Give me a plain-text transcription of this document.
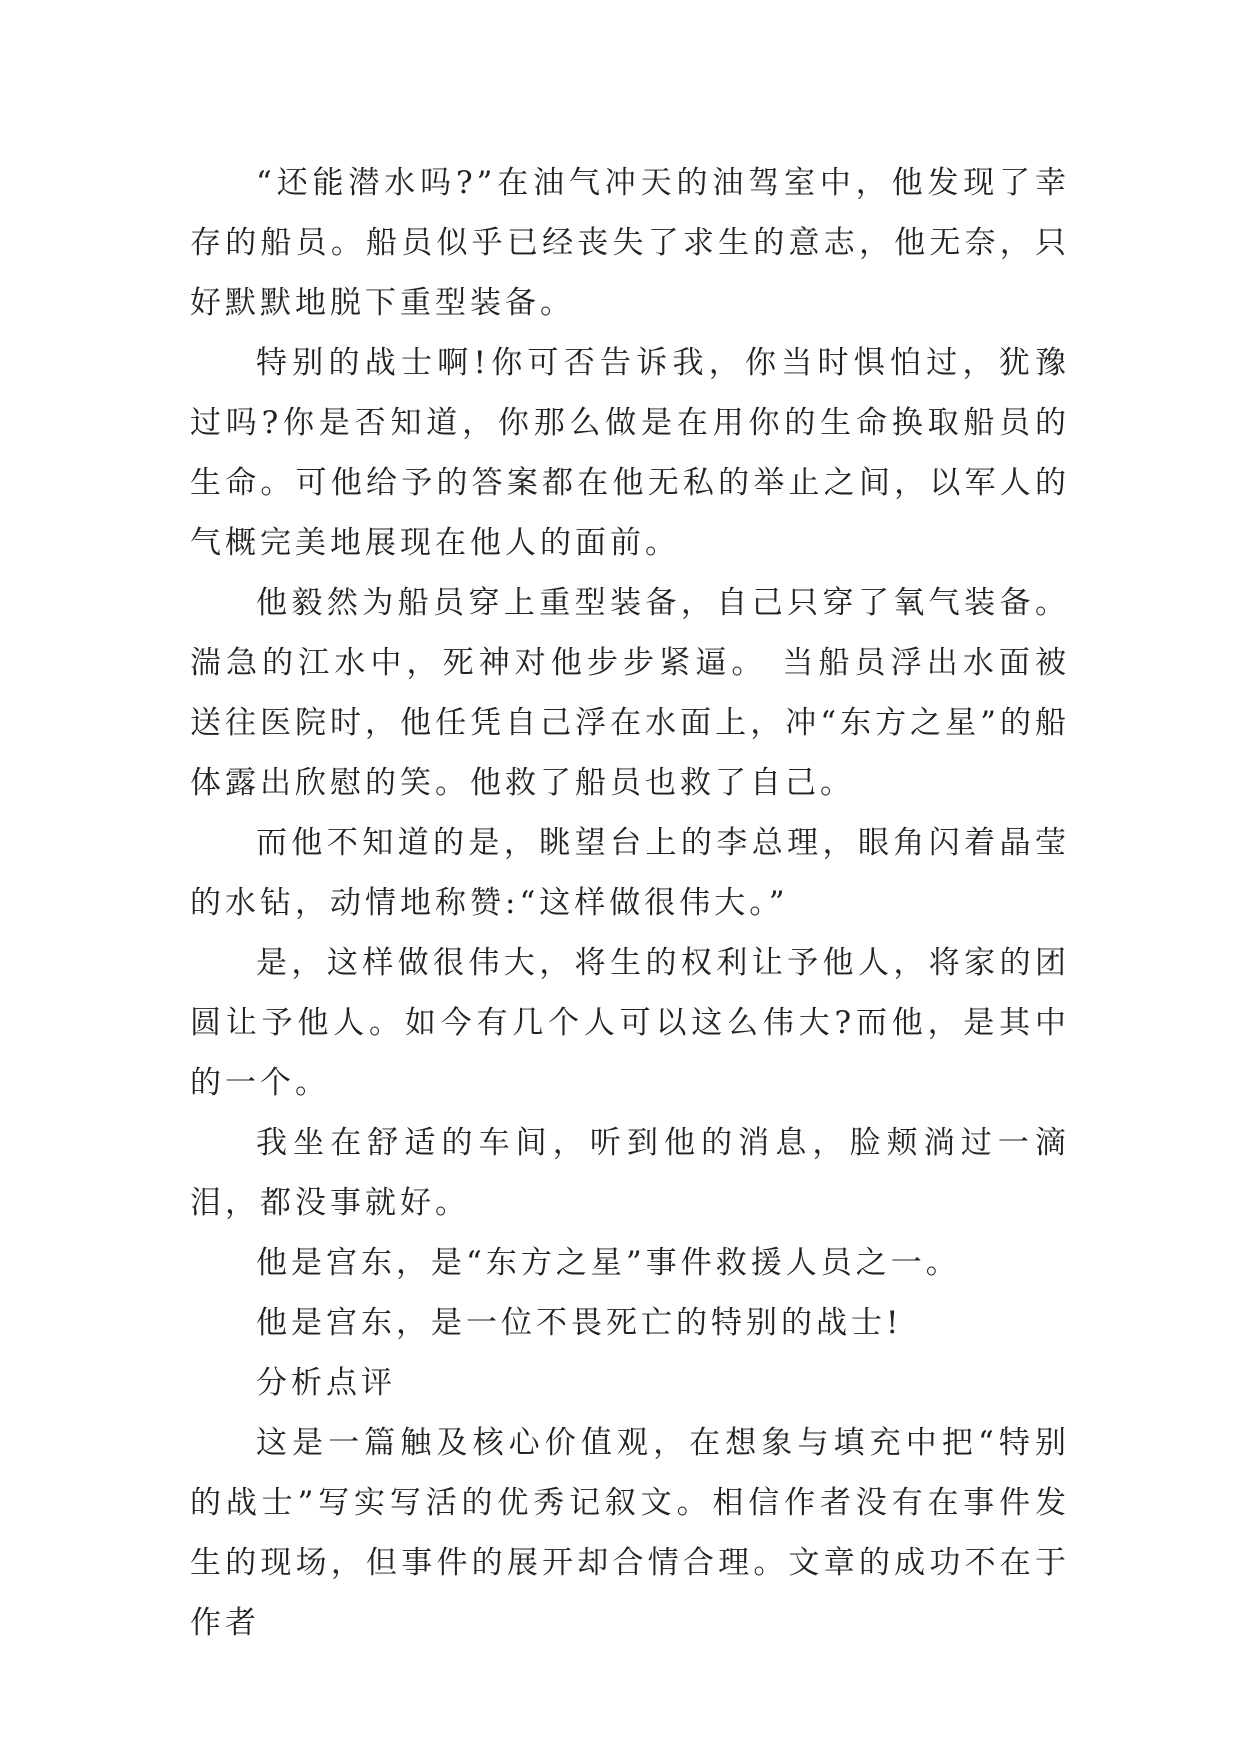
“还能潜水吗?”在油气冲天的油驾室中，他发现了幸存的船员。船员似乎已经丧失了求生的意志，他无奈，只好默默地脱下重型装备。

特别的战士啊!你可否告诉我，你当时惧怕过，犹豫过吗?你是否知道，你那么做是在用你的生命换取船员的生命。可他给予的答案都在他无私的举止之间，以军人的气概完美地展现在他人的面前。

他毅然为船员穿上重型装备，自己只穿了氧气装备。湍急的江水中，死神对他步步紧逼。 当船员浮出水面被送往医院时，他任凭自己浮在水面上，冲“东方之星”的船体露出欣慰的笑。他救了船员也救了自己。

而他不知道的是，眺望台上的李总理，眼角闪着晶莹的水钻，动情地称赞:“这样做很伟大。”

是，这样做很伟大，将生的权利让予他人，将家的团圆让予他人。如今有几个人可以这么伟大?而他，是其中的一个。

我坐在舒适的车间，听到他的消息，脸颊淌过一滴泪，都没事就好。

他是宫东，是“东方之星”事件救援人员之一。

他是宫东，是一位不畏死亡的特别的战士!

分析点评

这是一篇触及核心价值观，在想象与填充中把“特别的战士”写实写活的优秀记叙文。相信作者没有在事件发生的现场，但事件的展开却合情合理。文章的成功不在于作者
